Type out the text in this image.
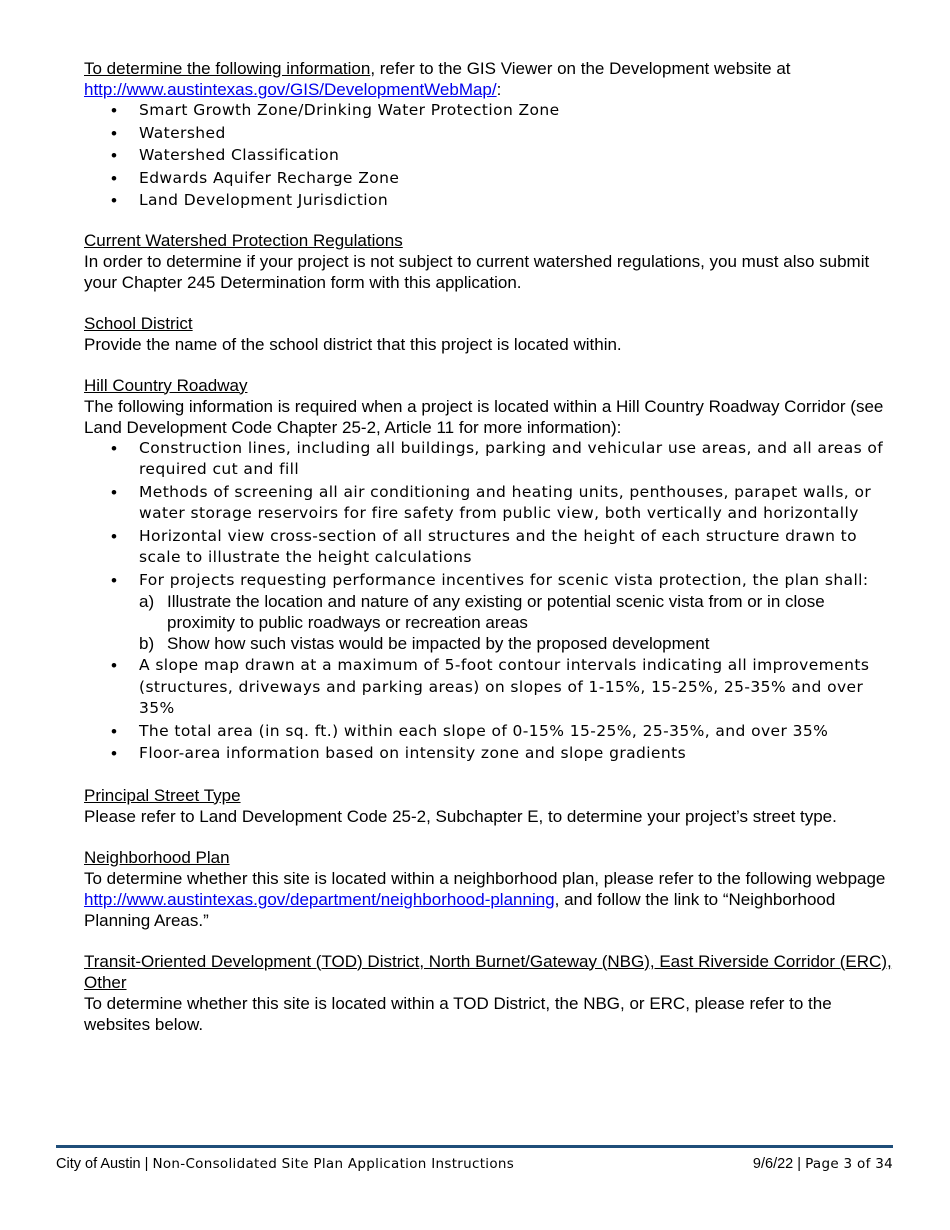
To determine the following information, refer to the GIS Viewer on the Development website at http://www.austintexas.gov/GIS/DevelopmentWebMap/:

• Smart Growth Zone/Drinking Water Protection Zone
• Watershed
• Watershed Classification
• Edwards Aquifer Recharge Zone
• Land Development Jurisdiction

Current Watershed Protection Regulations

In order to determine if your project is not subject to current watershed regulations, you must also submit your Chapter 245 Determination form with this application.

School District

Provide the name of the school district that this project is located within.

Hill Country Roadway

The following information is required when a project is located within a Hill Country Roadway Corridor (see Land Development Code Chapter 25-2, Article 11 for more information):

• Construction lines, including all buildings, parking and vehicular use areas, and all areas of required cut and fill
• Methods of screening all air conditioning and heating units, penthouses, parapet walls, or water storage reservoirs for fire safety from public view, both vertically and horizontally
• Horizontal view cross-section of all structures and the height of each structure drawn to scale to illustrate the height calculations
• For projects requesting performance incentives for scenic vista protection, the plan shall:
a) Illustrate the location and nature of any existing or potential scenic vista from or in close proximity to public roadways or recreation areas
b) Show how such vistas would be impacted by the proposed development
• A slope map drawn at a maximum of 5-foot contour intervals indicating all improvements (structures, driveways and parking areas) on slopes of 1-15%, 15-25%, 25-35% and over 35%
• The total area (in sq. ft.) within each slope of 0-15% 15-25%, 25-35%, and over 35%
• Floor-area information based on intensity zone and slope gradients

Principal Street Type

Please refer to Land Development Code 25-2, Subchapter E, to determine your project’s street type.

Neighborhood Plan

To determine whether this site is located within a neighborhood plan, please refer to the following webpage http://www.austintexas.gov/department/neighborhood-planning, and follow the link to “Neighborhood Planning Areas.”

Transit-Oriented Development (TOD) District, North Burnet/Gateway (NBG), East Riverside Corridor (ERC), Other

To determine whether this site is located within a TOD District, the NBG, or ERC, please refer to the websites below.

City of Austin | Non-Consolidated Site Plan Application Instructions	9/6/22 | Page 3 of 34
